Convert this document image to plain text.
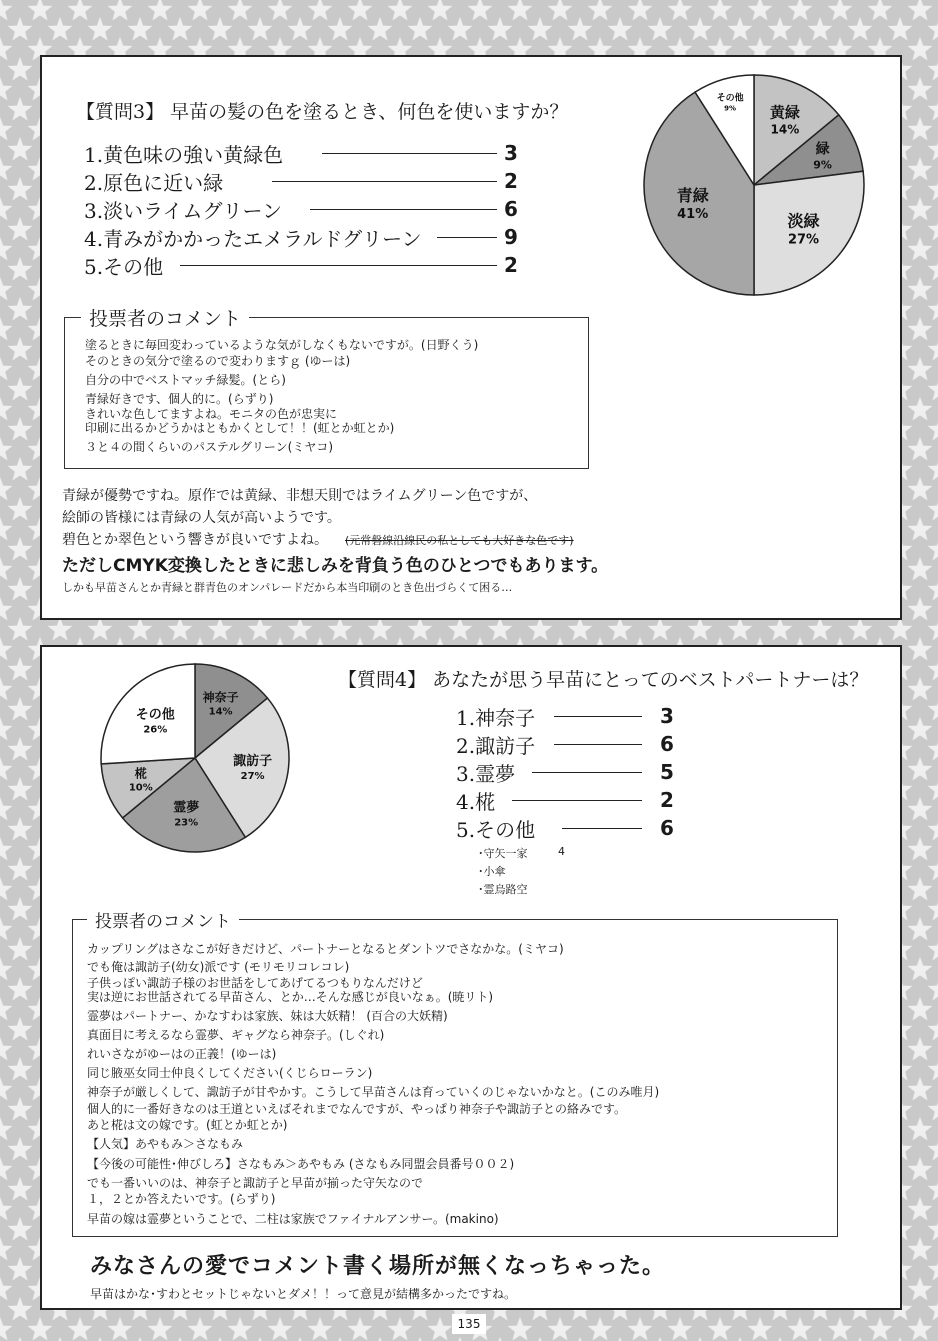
【質問3】 早苗の髪の色を塗るとき、何色を使いますか？
1.黄色味の強い黄緑色	3
2.原色に近い緑	2
3.淡いライムグリーン	6
4.青みがかかったエメラルドグリーン	9
5.その他	2
黄緑
14%
緑
9%
淡緑
27%
青緑
41%
その他
9%
投票者のコメント
塗るときに毎回変わっているような気がしなくもないですが。(日野くう)
そのときの気分で塗るので変わりますｇ (ゆーは)
自分の中でベストマッチ緑髪。(とら)
青緑好きです、個人的に。(らずり)
きれいな色してますよね。モニタの色が忠実に
印刷に出るかどうかはともかくとして！！(虹とか虹とか)
３と４の間くらいのパステルグリーン(ミヤコ)
青緑が優勢ですね。原作では黄緑、非想天則ではライムグリーン色ですが、
絵師の皆様には青緑の人気が高いようです。
碧色とか翠色という響きが良いですよね。 (元常磐線沿線民の私としても大好きな色です)
ただしCMYK変換したときに悲しみを背負う色のひとつでもあります。
しかも早苗さんとか青緑と群青色のオンパレードだから本当印刷のとき色出づらくて困る…
神奈子
14%
諏訪子
27%
霊夢
23%
椛
10%
その他
26%
【質問4】 あなたが思う早苗にとってのベストパートナーは？
1.神奈子	3
2.諏訪子	6
3.霊夢	5
4.椛	2
5.その他	6
･守矢一家	4
･小傘
･霊烏路空
投票者のコメント
カップリングはさなこが好きだけど、パートナーとなるとダントツでさなかな。(ミヤコ)
でも俺は諏訪子(幼女)派です (モリモリコレコレ)
子供っぽい諏訪子様のお世話をしてあげてるつもりなんだけど
実は逆にお世話されてる早苗さん、とか…そんな感じが良いなぁ。(暁リト)
霊夢はパートナー、かなすわは家族、妹は大妖精！ (百合の大妖精)
真面目に考えるなら霊夢、ギャグなら神奈子。(しぐれ)
れいさながゆーはの正義！(ゆーは)
同じ腋巫女同士仲良くしてください(くじらローラン)
神奈子が厳しくして、諏訪子が甘やかす。こうして早苗さんは育っていくのじゃないかなと。(このみ唯月)
個人的に一番好きなのは王道といえばそれまでなんですが、やっぱり神奈子や諏訪子との絡みです。
あと椛は文の嫁です。(虹とか虹とか)
【人気】あやもみ＞さなもみ
【今後の可能性･伸びしろ】さなもみ＞あやもみ (さなもみ同盟会員番号００２)
でも一番いいのは、神奈子と諏訪子と早苗が揃った守矢なので
１，２とか答えたいです。(らずり)
早苗の嫁は霊夢ということで、二柱は家族でファイナルアンサー。(makino)
みなさんの愛でコメント書く場所が無くなっちゃった。
早苗はかな･すわとセットじゃないとダメ！！って意見が結構多かったですね。
135
